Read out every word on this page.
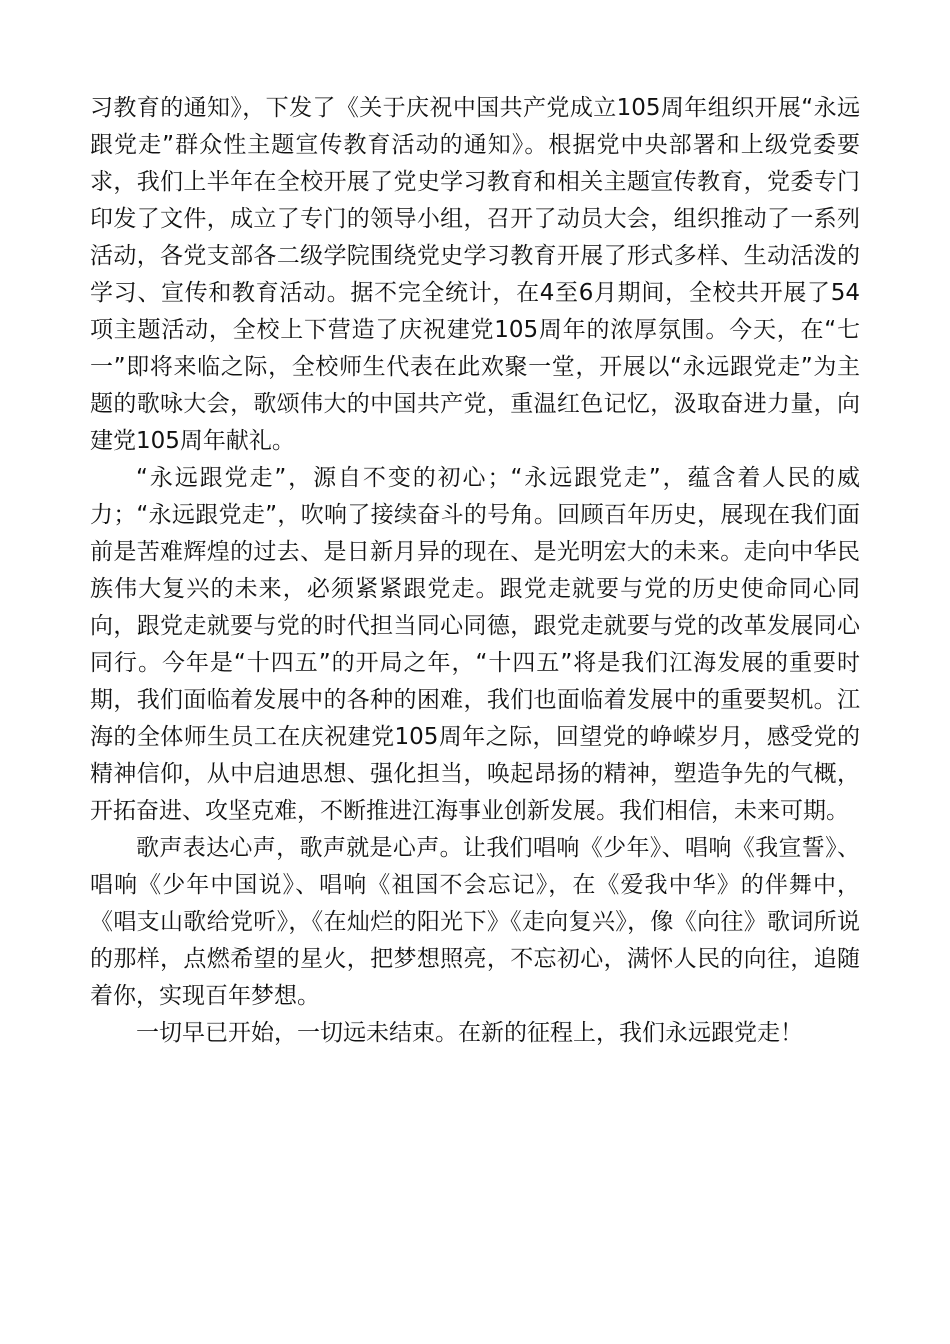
习教育的通知》，下发了《关于庆祝中国共产党成立105周年组织开展“永远跟党走”群众性主题宣传教育活动的通知》。根据党中央部署和上级党委要求，我们上半年在全校开展了党史学习教育和相关主题宣传教育，党委专门印发了文件，成立了专门的领导小组，召开了动员大会，组织推动了一系列活动，各党支部各二级学院围绕党史学习教育开展了形式多样、生动活泼的学习、宣传和教育活动。据不完全统计，在4至6月期间，全校共开展了54项主题活动，全校上下营造了庆祝建党105周年的浓厚氛围。今天，在“七一”即将来临之际，全校师生代表在此欢聚一堂，开展以“永远跟党走”为主题的歌咏大会，歌颂伟大的中国共产党，重温红色记忆，汲取奋进力量，向建党105周年献礼。

“永远跟党走”，源自不变的初心；“永远跟党走”，蕴含着人民的威力；“永远跟党走”，吹响了接续奋斗的号角。回顾百年历史，展现在我们面前是苦难辉煌的过去、是日新月异的现在、是光明宏大的未来。走向中华民族伟大复兴的未来，必须紧紧跟党走。跟党走就要与党的历史使命同心同向，跟党走就要与党的时代担当同心同德，跟党走就要与党的改革发展同心同行。今年是“十四五”的开局之年，“十四五”将是我们江海发展的重要时期，我们面临着发展中的各种的困难，我们也面临着发展中的重要契机。江海的全体师生员工在庆祝建党105周年之际，回望党的峥嵘岁月，感受党的精神信仰，从中启迪思想、强化担当，唤起昂扬的精神，塑造争先的气概，开拓奋进、攻坚克难，不断推进江海事业创新发展。我们相信，未来可期。

歌声表达心声，歌声就是心声。让我们唱响《少年》、唱响《我宣誓》、唱响《少年中国说》、唱响《祖国不会忘记》，在《爱我中华》的伴舞中，《唱支山歌给党听》，《在灿烂的阳光下》《走向复兴》，像《向往》歌词所说的那样，点燃希望的星火，把梦想照亮，不忘初心，满怀人民的向往，追随着你，实现百年梦想。

一切早已开始，一切远未结束。在新的征程上，我们永远跟党走！
